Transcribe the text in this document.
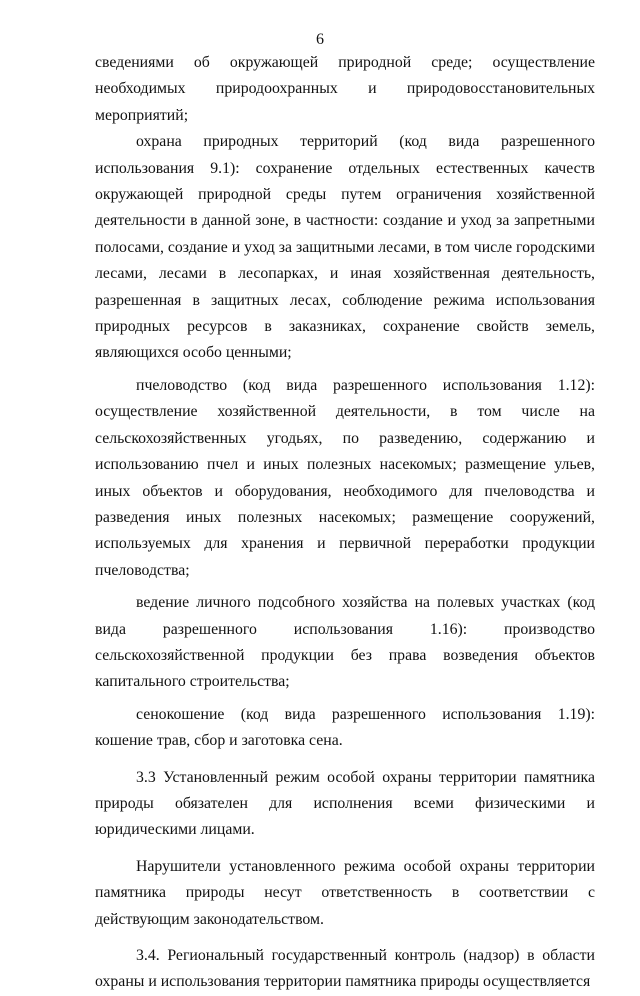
6

сведениями об окружающей природной среде; осуществление необходимых природоохранных и природовосстановительных мероприятий;

охрана природных территорий (код вида разрешенного использования 9.1): сохранение отдельных естественных качеств окружающей природной среды путем ограничения хозяйственной деятельности в данной зоне, в частности: создание и уход за запретными полосами, создание и уход за защитными лесами, в том числе городскими лесами, лесами в лесопарках, и иная хозяйственная деятельность, разрешенная в защитных лесах, соблюдение режима использования природных ресурсов в заказниках, сохранение свойств земель, являющихся особо ценными;

пчеловодство (код вида разрешенного использования 1.12): осуществление хозяйственной деятельности, в том числе на сельскохозяйственных угодьях, по разведению, содержанию и использованию пчел и иных полезных насекомых; размещение ульев, иных объектов и оборудования, необходимого для пчеловодства и разведения иных полезных насекомых; размещение сооружений, используемых для хранения и первичной переработки продукции пчеловодства;

ведение личного подсобного хозяйства на полевых участках (код вида разрешенного использования 1.16): производство сельскохозяйственной продукции без права возведения объектов капитального строительства;

сенокошение (код вида разрешенного использования 1.19): кошение трав, сбор и заготовка сена.

3.3 Установленный режим особой охраны территории памятника природы обязателен для исполнения всеми физическими и юридическими лицами.

Нарушители установленного режима особой охраны территории памятника природы несут ответственность в соответствии с действующим законодательством.

3.4. Региональный государственный контроль (надзор) в области охраны и использования территории памятника природы осуществляется
